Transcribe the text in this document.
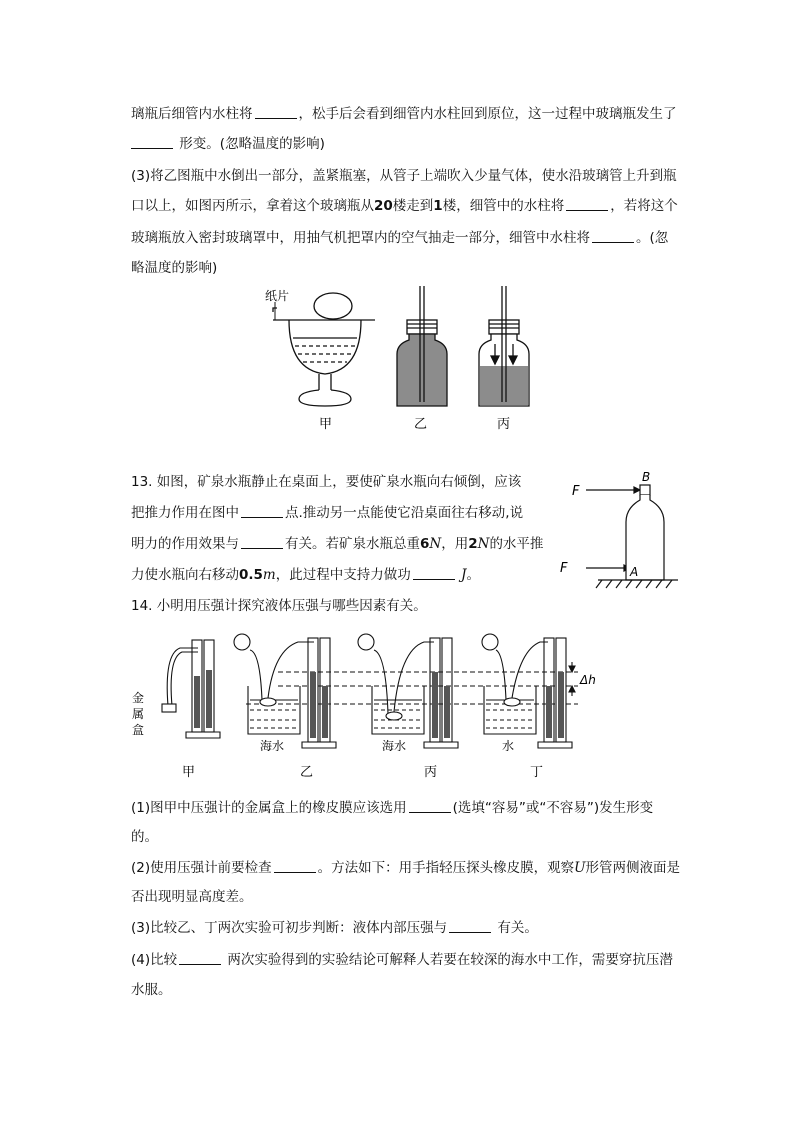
璃瓶后细管内水柱将	，松手后会看到细管内水柱回到原位，这一过程中玻璃瓶发生了
形变。(忽略温度的影响)
(3)将乙图瓶中水倒出一部分，盖紧瓶塞，从管子上端吹入少量气体，使水沿玻璃管上升到瓶
口以上，如图丙所示，拿着这个玻璃瓶从20楼走到1楼，细管中的水柱将	，若将这个
玻璃瓶放入密封玻璃罩中，用抽气机把罩内的空气抽走一部分，细管中水柱将	。(忽
略温度的影响)
纸片
甲	乙	丙
13. 如图，矿泉水瓶静止在桌面上，要使矿泉水瓶向右倾倒，应该
把推力作用在图中	点.推动另一点能使它沿桌面往右移动,说
明力的作用效果与	有关。若矿泉水瓶总重6N，用2N的水平推
力使水瓶向右移动0.5m，此过程中支持力做功	J。
F
F
B
A
14. 小明用压强计探究液体压强与哪些因素有关。
金
属
盒
海水	海水	水
Δh
甲	乙	丙	丁
(1)图甲中压强计的金属盒上的橡皮膜应该选用	(选填“容易”或“不容易”)发生形变
的。
(2)使用压强计前要检查	。方法如下：用手指轻压探头橡皮膜，观察U形管两侧液面是
否出现明显高度差。
(3)比较乙、丁两次实验可初步判断：液体内部压强与	有关。
(4)比较	两次实验得到的实验结论可解释人若要在较深的海水中工作，需要穿抗压潜
水服。
